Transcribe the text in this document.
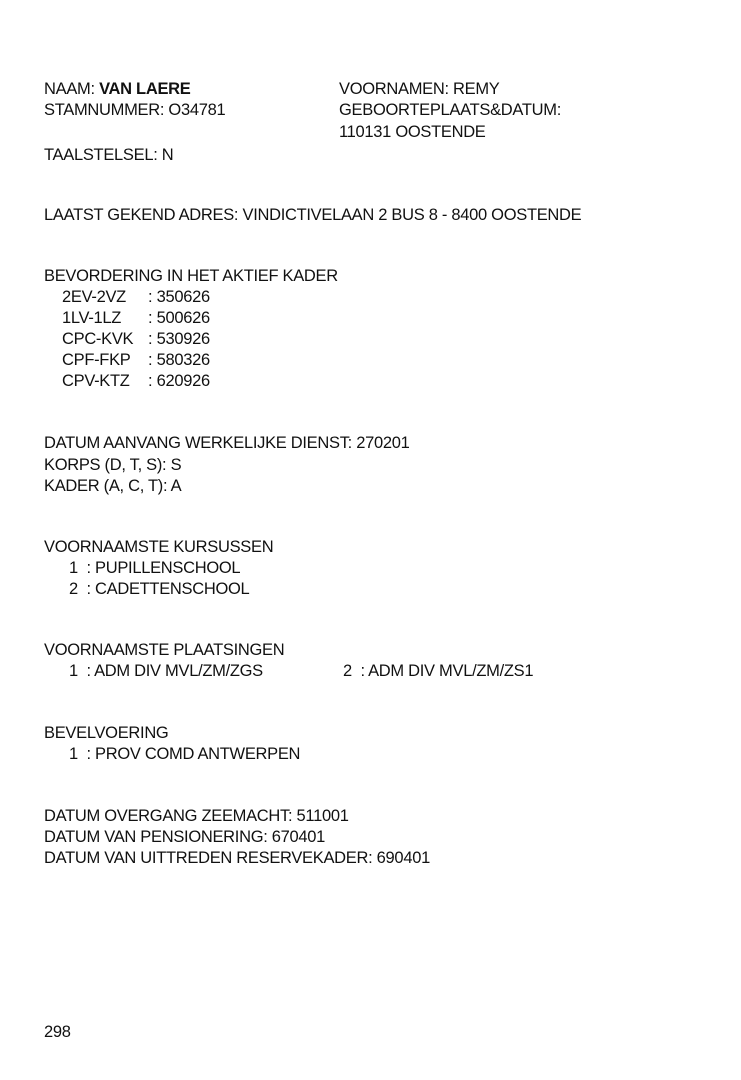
NAAM: VAN LAERE
STAMNUMMER: O34781
TAALSTELSEL: N
VOORNAMEN: REMY
GEBOORTEPLAATS&DATUM:
110131 OOSTENDE
LAATST GEKEND ADRES: VINDICTIVELAAN 2 BUS 8 - 8400 OOSTENDE
BEVORDERING IN HET AKTIEF KADER
2EV-2VZ : 350626
1LV-1LZ : 500626
CPC-KVK : 530926
CPF-FKP : 580326
CPV-KTZ : 620926
DATUM AANVANG WERKELIJKE DIENST: 270201
KORPS (D, T, S): S
KADER (A, C, T): A
VOORNAAMSTE KURSUSSEN
1  : PUPILLENSCHOOL
2  : CADETTENSCHOOL
VOORNAAMSTE PLAATSINGEN
1  : ADM DIV MVL/ZM/ZGS	2  : ADM DIV MVL/ZM/ZS1
BEVELVOERING
1  : PROV COMD ANTWERPEN
DATUM OVERGANG ZEEMACHT: 511001
DATUM VAN PENSIONERING: 670401
DATUM VAN UITTREDEN RESERVEKADER: 690401
298
